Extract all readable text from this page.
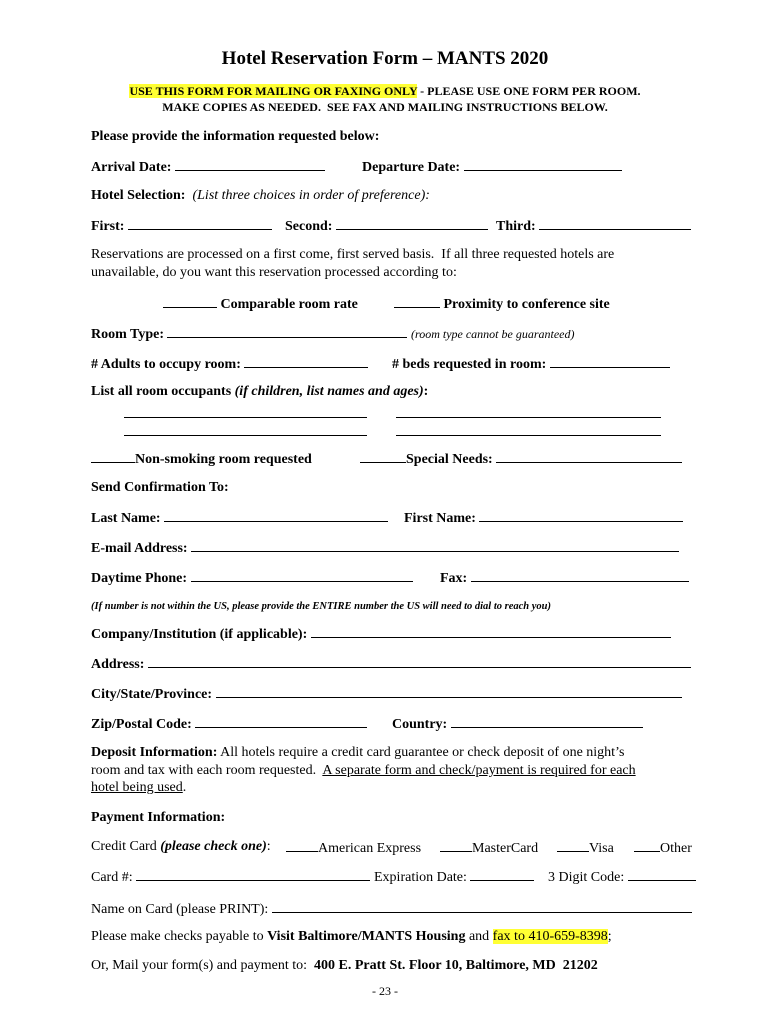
Hotel Reservation Form – MANTS 2020
USE THIS FORM FOR MAILING OR FAXING ONLY - PLEASE USE ONE FORM PER ROOM.
MAKE COPIES AS NEEDED.  SEE FAX AND MAILING INSTRUCTIONS BELOW.
Please provide the information requested below:
Arrival Date:	Departure Date:
Hotel Selection: (List three choices in order of preference):
First:	Second:	Third:
Reservations are processed on a first come, first served basis.  If all three requested hotels are
unavailable, do you want this reservation processed according to:
Comparable room rate	Proximity to conference site
Room Type:	(room type cannot be guaranteed)
# Adults to occupy room:	# beds requested in room:
List all room occupants (if children, list names and ages):
Non-smoking room requested	Special Needs:
Send Confirmation To:
Last Name:	First Name:
E-mail Address:
Daytime Phone:	Fax:
(If number is not within the US, please provide the ENTIRE number the US will need to dial to reach you)
Company/Institution (if applicable):
Address:
City/State/Province:
Zip/Postal Code:	Country:
Deposit Information: All hotels require a credit card guarantee or check deposit of one night’s
room and tax with each room requested.  A separate form and check/payment is required for each
hotel being used.
Payment Information:
Credit Card (please check one):	American Express	MasterCard	Visa	Other
Card #:	Expiration Date:	3 Digit Code:
Name on Card (please PRINT):
Please make checks payable to Visit Baltimore/MANTS Housing and fax to 410-659-8398;
Or, Mail your form(s) and payment to:  400 E. Pratt St. Floor 10, Baltimore, MD  21202
- 23 -
